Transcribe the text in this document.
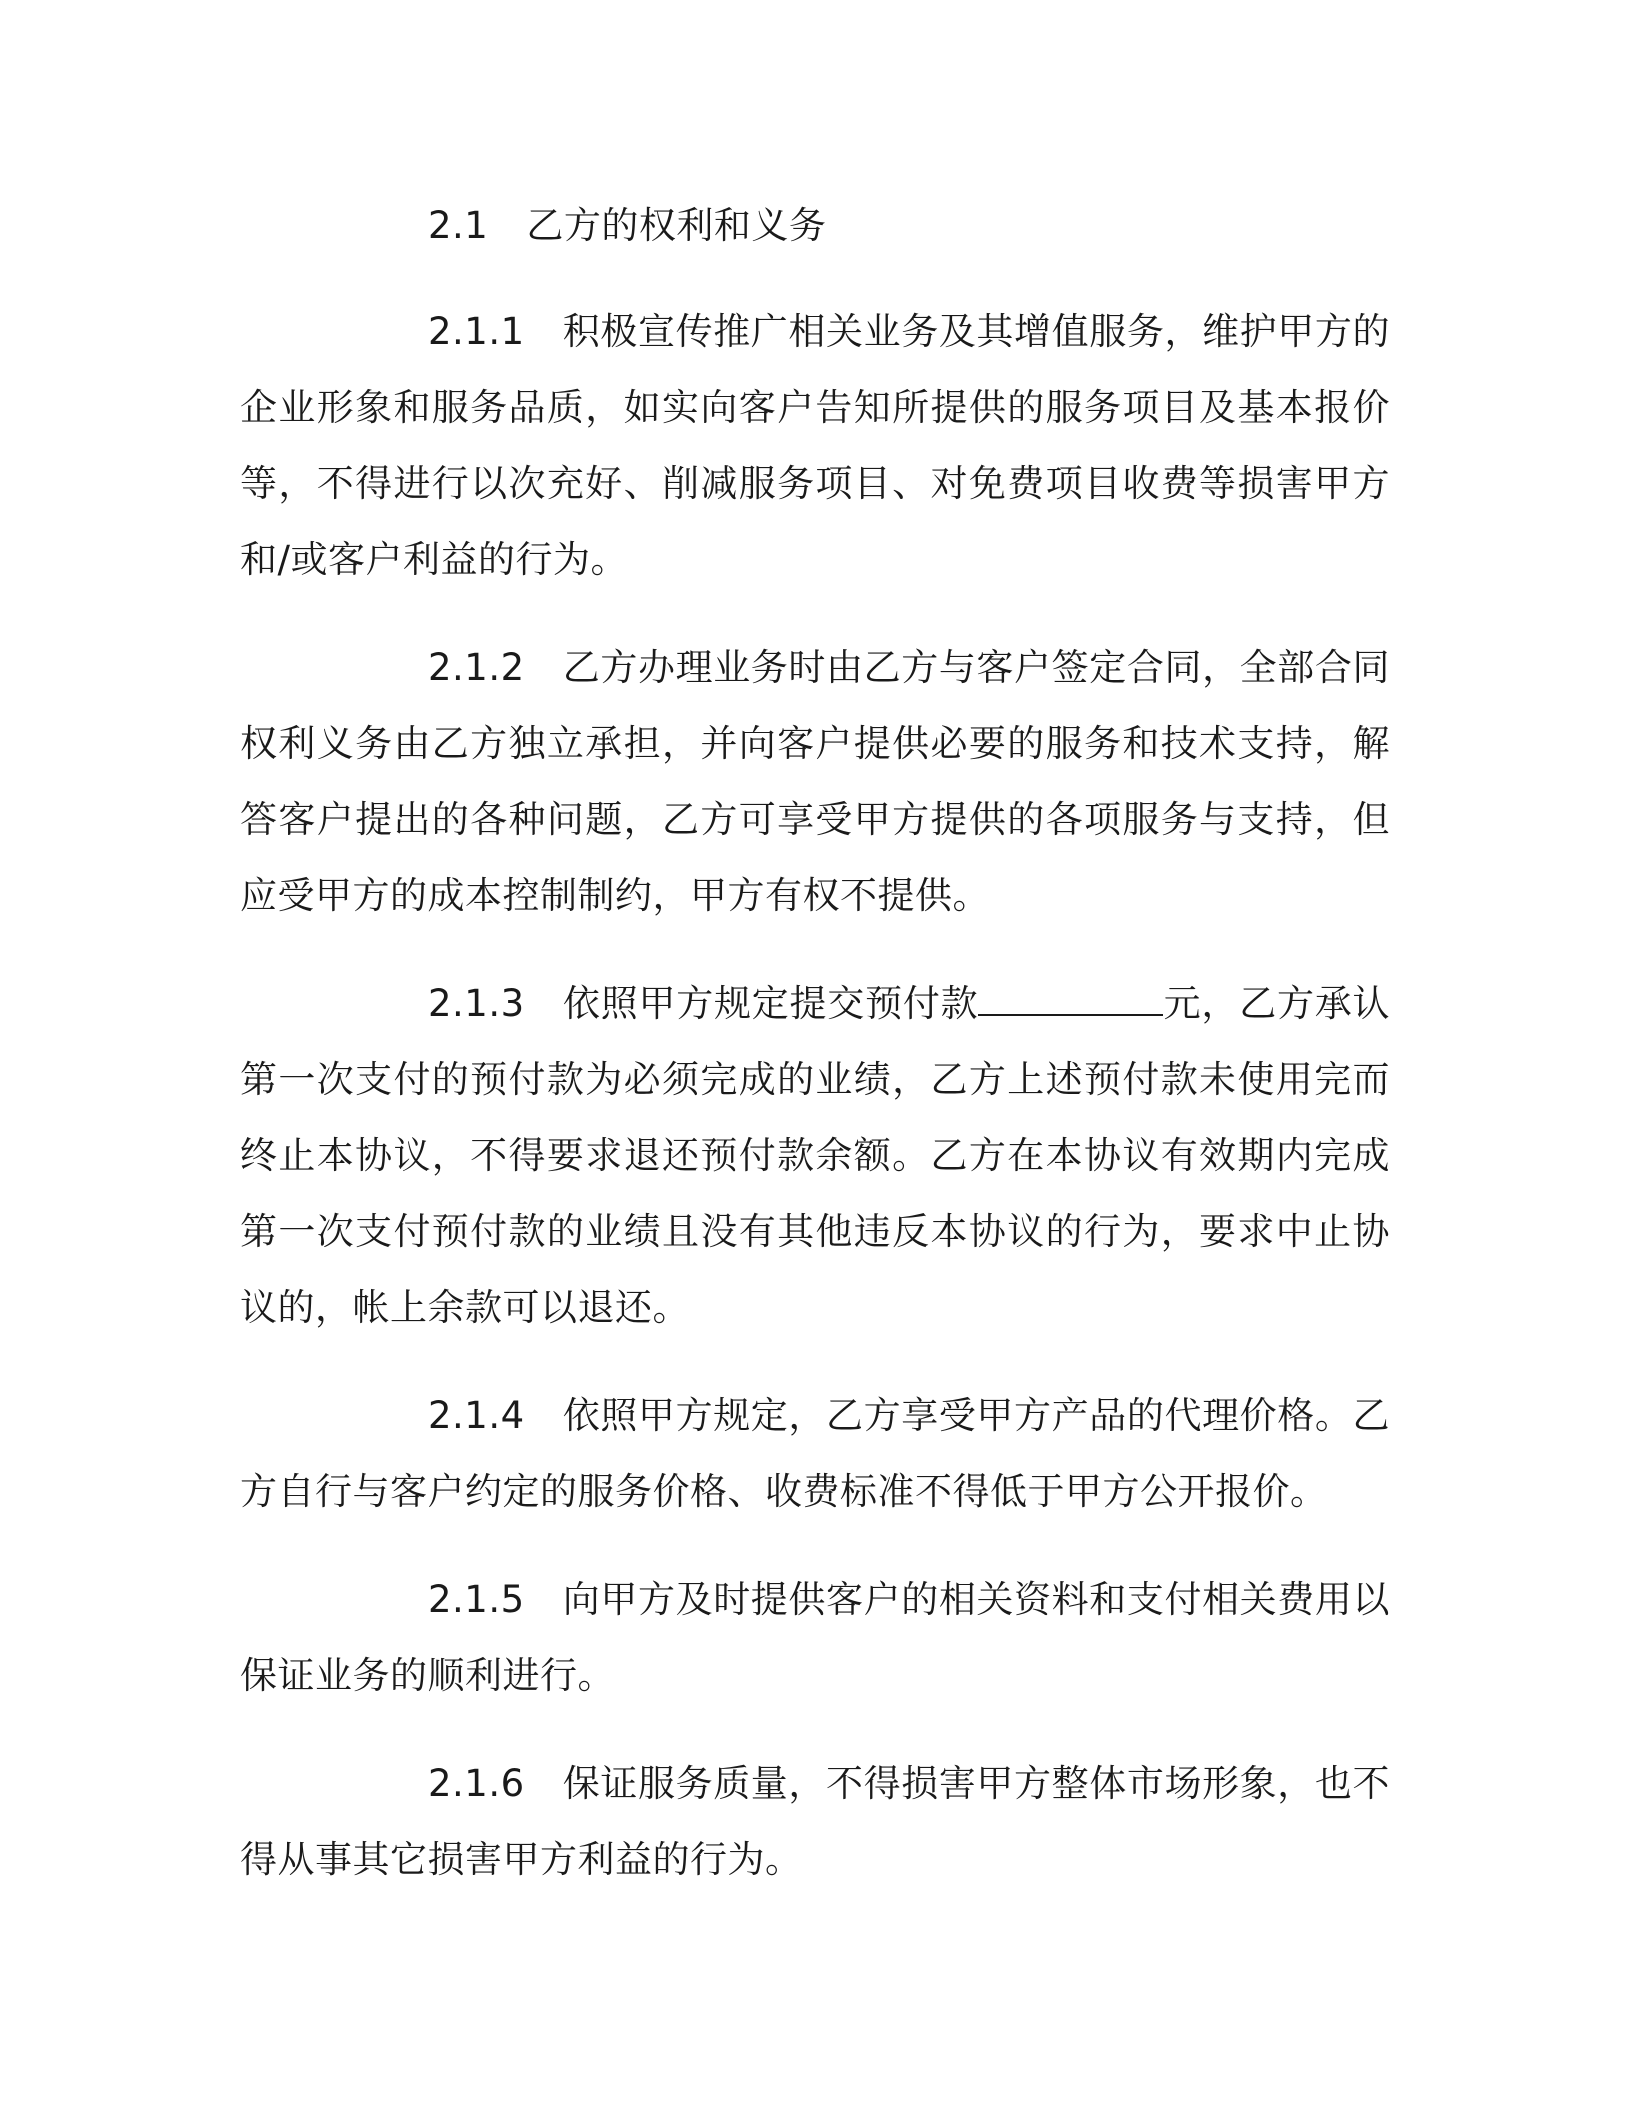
2.1 乙方的权利和义务

2.1.1 积极宣传推广相关业务及其增值服务，维护甲方的企业形象和服务品质，如实向客户告知所提供的服务项目及基本报价等，不得进行以次充好、削减服务项目、对免费项目收费等损害甲方和/或客户利益的行为。

2.1.2 乙方办理业务时由乙方与客户签定合同，全部合同权利义务由乙方独立承担，并向客户提供必要的服务和技术支持，解答客户提出的各种问题，乙方可享受甲方提供的各项服务与支持，但应受甲方的成本控制制约，甲方有权不提供。

2.1.3 依照甲方规定提交预付款	元，乙方承认第一次支付的预付款为必须完成的业绩，乙方上述预付款未使用完而终止本协议，不得要求退还预付款余额。乙方在本协议有效期内完成第一次支付预付款的业绩且没有其他违反本协议的行为，要求中止协议的，帐上余款可以退还。

2.1.4 依照甲方规定，乙方享受甲方产品的代理价格。乙方自行与客户约定的服务价格、收费标准不得低于甲方公开报价。

2.1.5 向甲方及时提供客户的相关资料和支付相关费用以保证业务的顺利进行。

2.1.6 保证服务质量，不得损害甲方整体市场形象，也不得从事其它损害甲方利益的行为。
